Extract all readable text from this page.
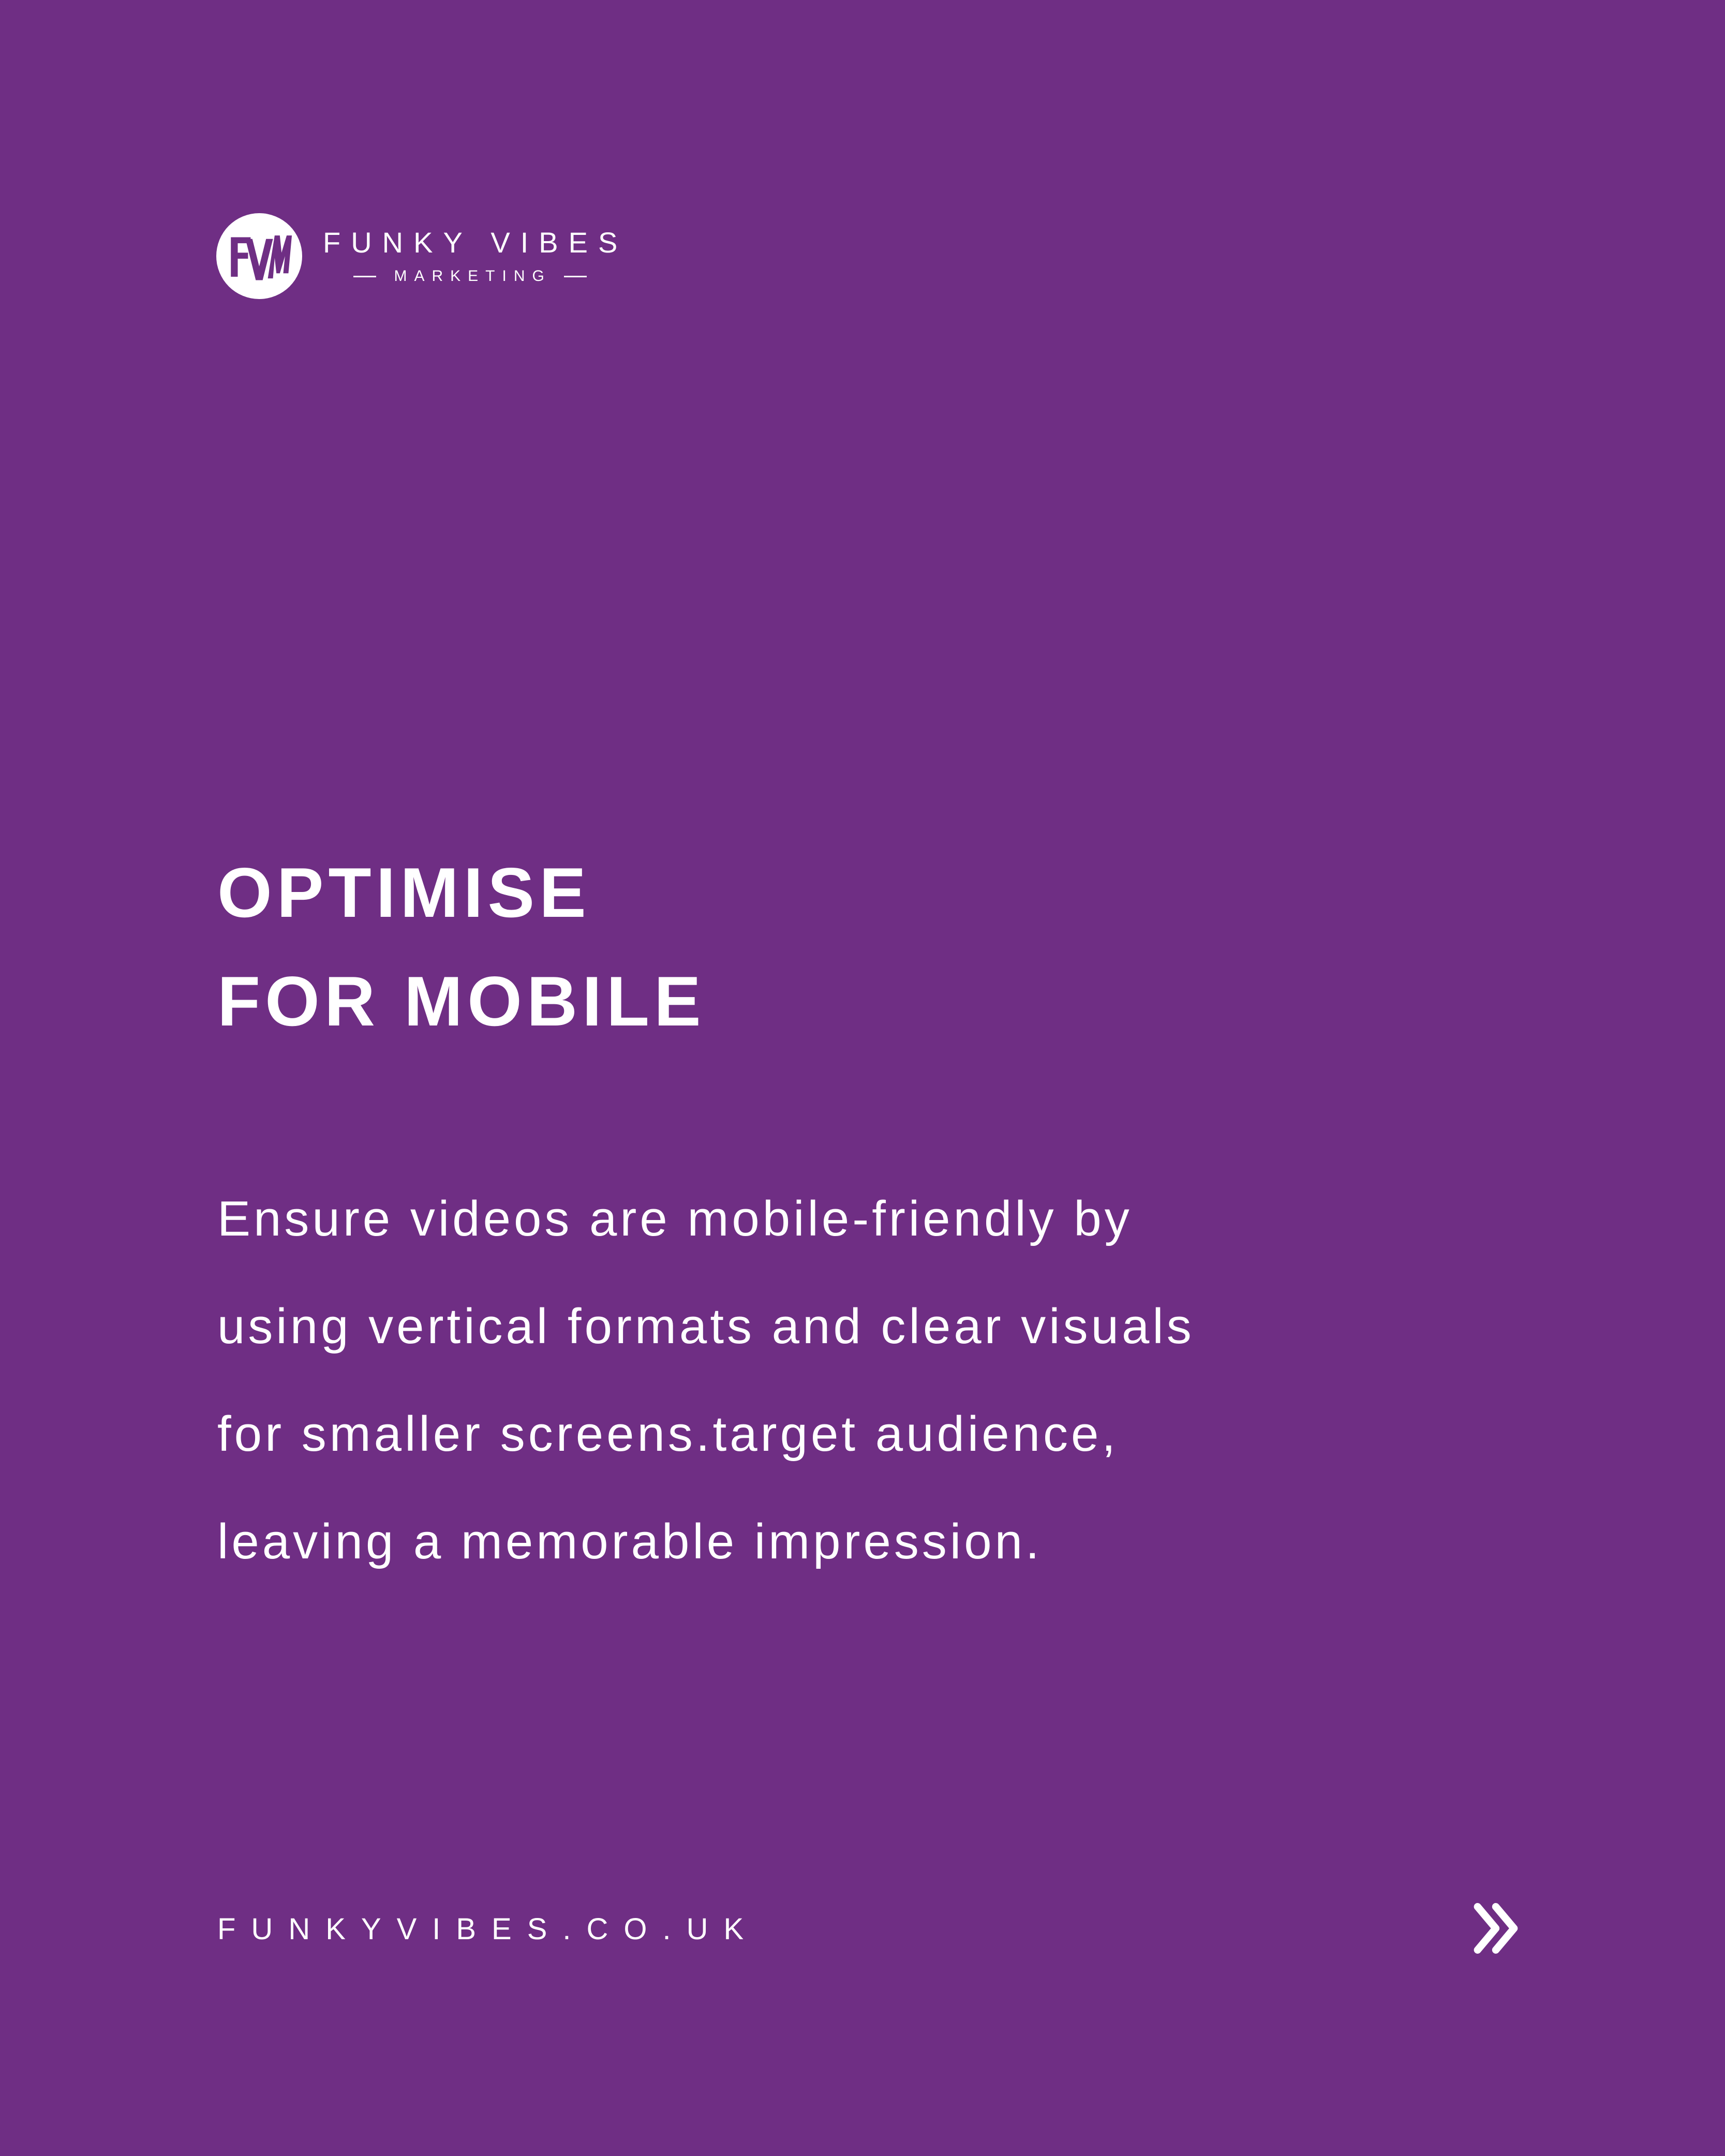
FUNKY VIBES
MARKETING
OPTIMISE
FOR MOBILE
Ensure videos are mobile-friendly by
using vertical formats and clear visuals
for smaller screens.target audience,
leaving a memorable impression.
FUNKYVIBES.CO.UK
